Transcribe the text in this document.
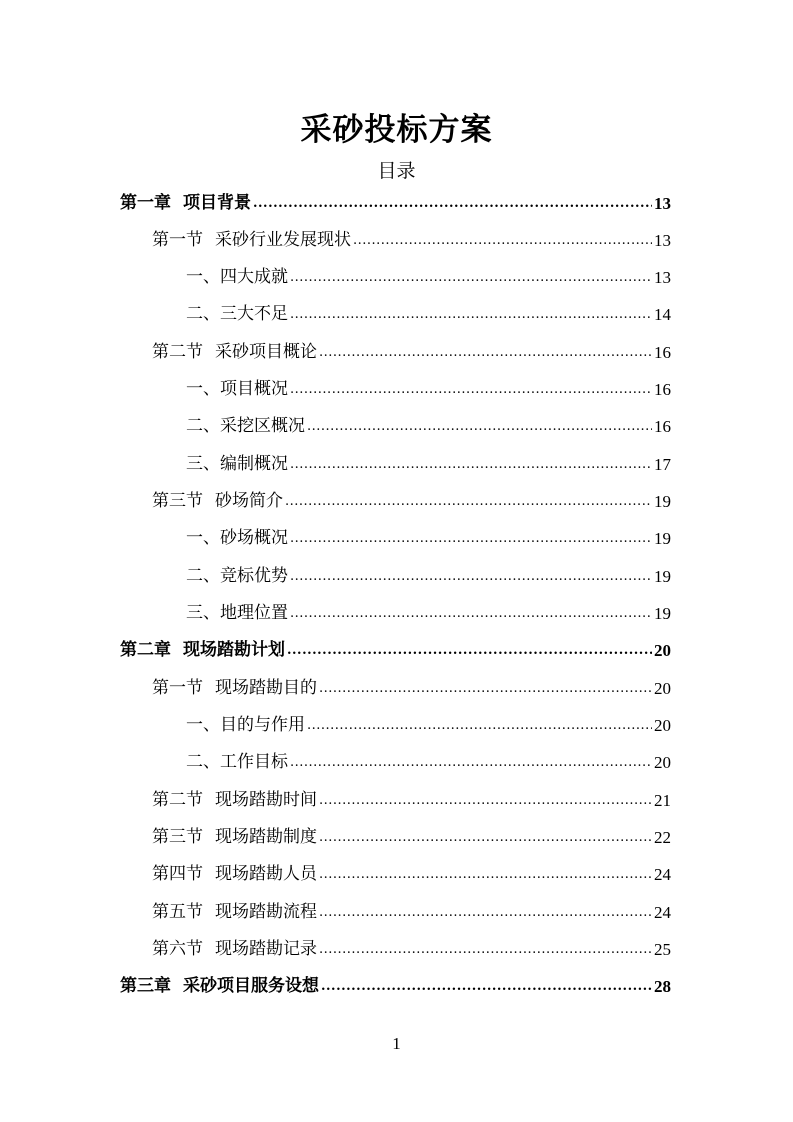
采砂投标方案
目录
第一章 项目背景 .....	13
第一节 采砂行业发展现状 .....	13
一、 四大成就 .....	13
二、 三大不足 .....	14
第二节 采砂项目概论 .....	16
一、 项目概况 .....	16
二、 采挖区概况 .....	16
三、 编制概况 .....	17
第三节 砂场简介 .....	19
一、 砂场概况 .....	19
二、 竞标优势 .....	19
三、 地理位置 .....	19
第二章 现场踏勘计划 .....	20
第一节 现场踏勘目的 .....	20
一、 目的与作用 .....	20
二、 工作目标 .....	20
第二节 现场踏勘时间 .....	21
第三节 现场踏勘制度 .....	22
第四节 现场踏勘人员 .....	24
第五节 现场踏勘流程 .....	24
第六节 现场踏勘记录 .....	25
第三章 采砂项目服务设想 .....	28
1
